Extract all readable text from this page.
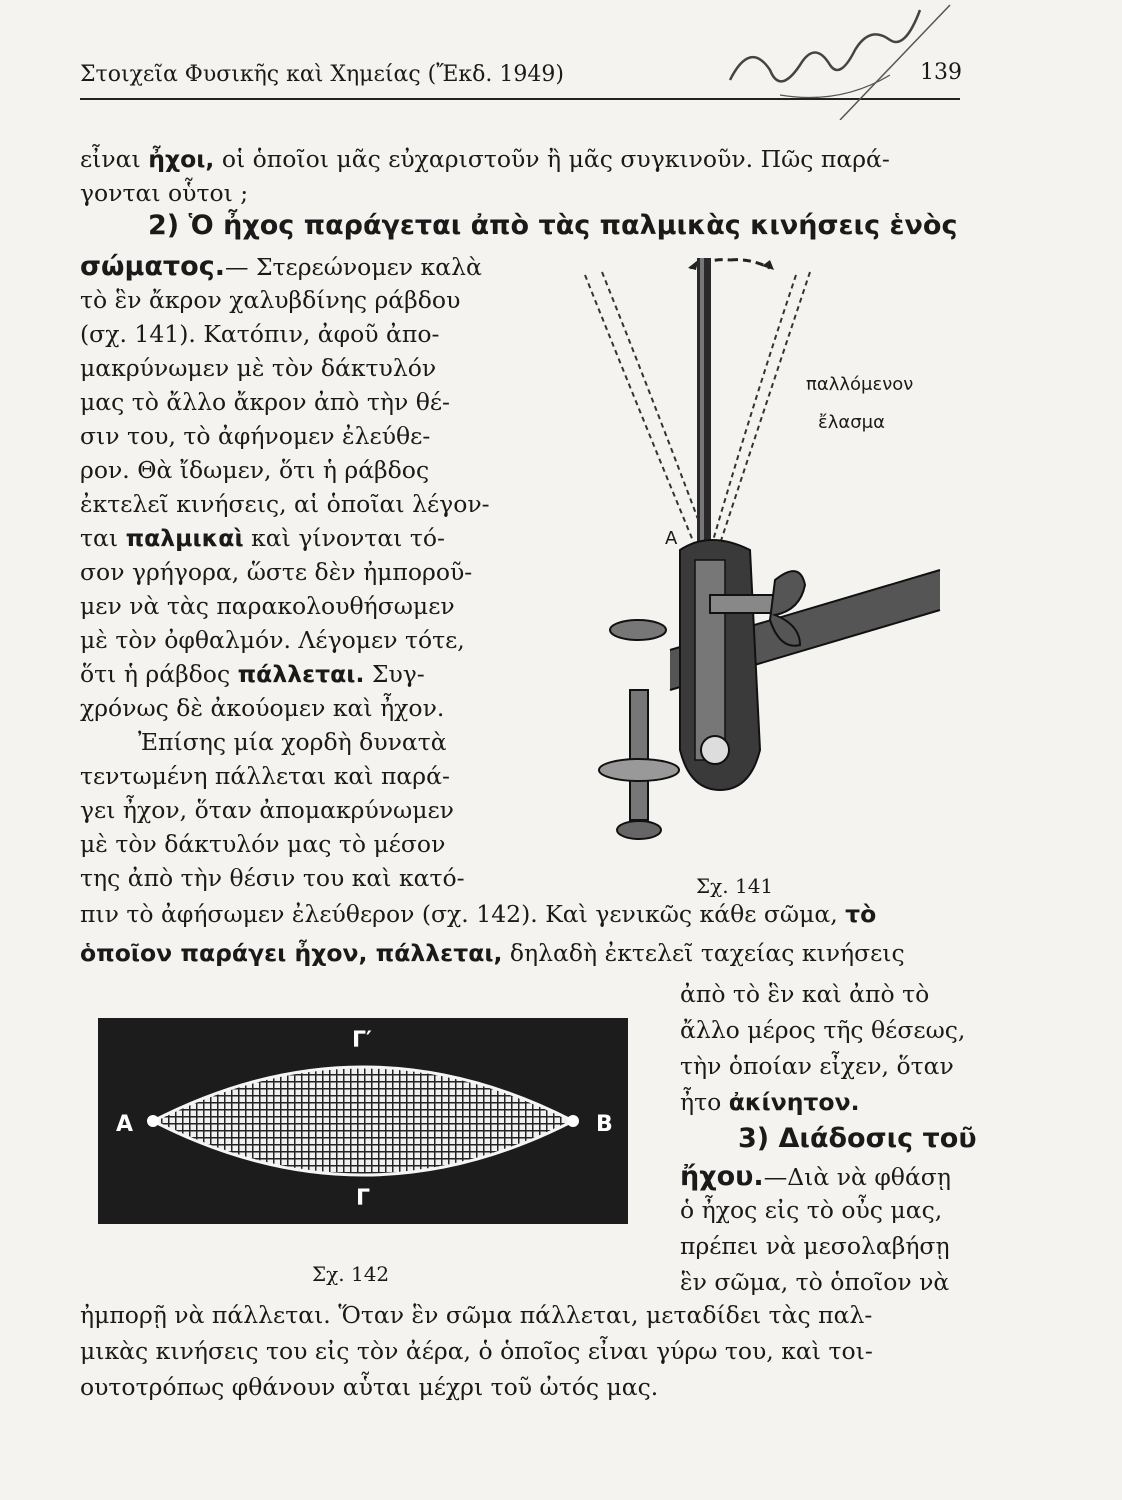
Στοιχεῖα Φυσικῆς καὶ Χημείας (Ἔκδ. 1949)	139
εἶναι ἦχοι, οἱ ὁποῖοι μᾶς εὐχαριστοῦν ἢ μᾶς συγκινοῦν. Πῶς παρά-
γονται οὗτοι ;
2) Ὁ ἦχος παράγεται ἀπὸ τὰς παλμικὰς κινήσεις ἑνὸς
σώματος.— Στερεώνομεν καλὰ
τὸ ἓν ἄκρον χαλυβδίνης ράβδου
(σχ. 141). Κατόπιν, ἀφοῦ ἀπο-
μακρύνωμεν μὲ τὸν δάκτυλόν
μας τὸ ἄλλο ἄκρον ἀπὸ τὴν θέ-
σιν του, τὸ ἀφήνομεν ἐλεύθε-
ρον. Θὰ ἴδωμεν, ὅτι ἡ ράβδος
ἐκτελεῖ κινήσεις, αἱ ὁποῖαι λέγον-
ται παλμικαὶ καὶ γίνονται τό-
σον γρήγορα, ὥστε δὲν ἠμποροῦ-
μεν νὰ τὰς παρακολουθήσωμεν
μὲ τὸν ὀφθαλμόν. Λέγομεν τότε,
ὅτι ἡ ράβδος πάλλεται. Συγ-
χρόνως δὲ ἀκούομεν καὶ ἦχον.
Ἐπίσης μία χορδὴ δυνατὰ
τεντωμένη πάλλεται καὶ παρά-
γει ἦχον, ὅταν ἀπομακρύνωμεν
μὲ τὸν δάκτυλόν μας τὸ μέσον
της ἀπὸ τὴν θέσιν του καὶ κατό-
πιν τὸ ἀφήσωμεν ἐλεύθερον (σχ. 142). Καὶ γενικῶς κάθε σῶμα, τὸ
ὁποῖον παράγει ἦχον, πάλλεται, δηλαδὴ ἐκτελεῖ ταχείας κινήσεις
ἀπὸ τὸ ἓν καὶ ἀπὸ τὸ
ἄλλο μέρος τῆς θέσεως,
τὴν ὁποίαν εἶχεν, ὅταν
ἦτο ἀκίνητον.
3) Διάδοσις τοῦ
ἤχου.—Διὰ νὰ φθάσῃ
ὁ ἦχος εἰς τὸ οὖς μας,
πρέπει νὰ μεσολαβήσῃ
ἓν σῶμα, τὸ ὁποῖον νὰ
ἠμπορῇ νὰ πάλλεται. Ὅταν ἓν σῶμα πάλλεται, μεταδίδει τὰς παλ-
μικὰς κινήσεις του εἰς τὸν ἀέρα, ὁ ὁποῖος εἶναι γύρω του, καὶ τοι-
ουτοτρόπως φθάνουν αὗται μέχρι τοῦ ὠτός μας.
A
παλλόμενον
ἔλασμα
Σχ. 141
A	B
Γ′
Γ
Σχ. 142
